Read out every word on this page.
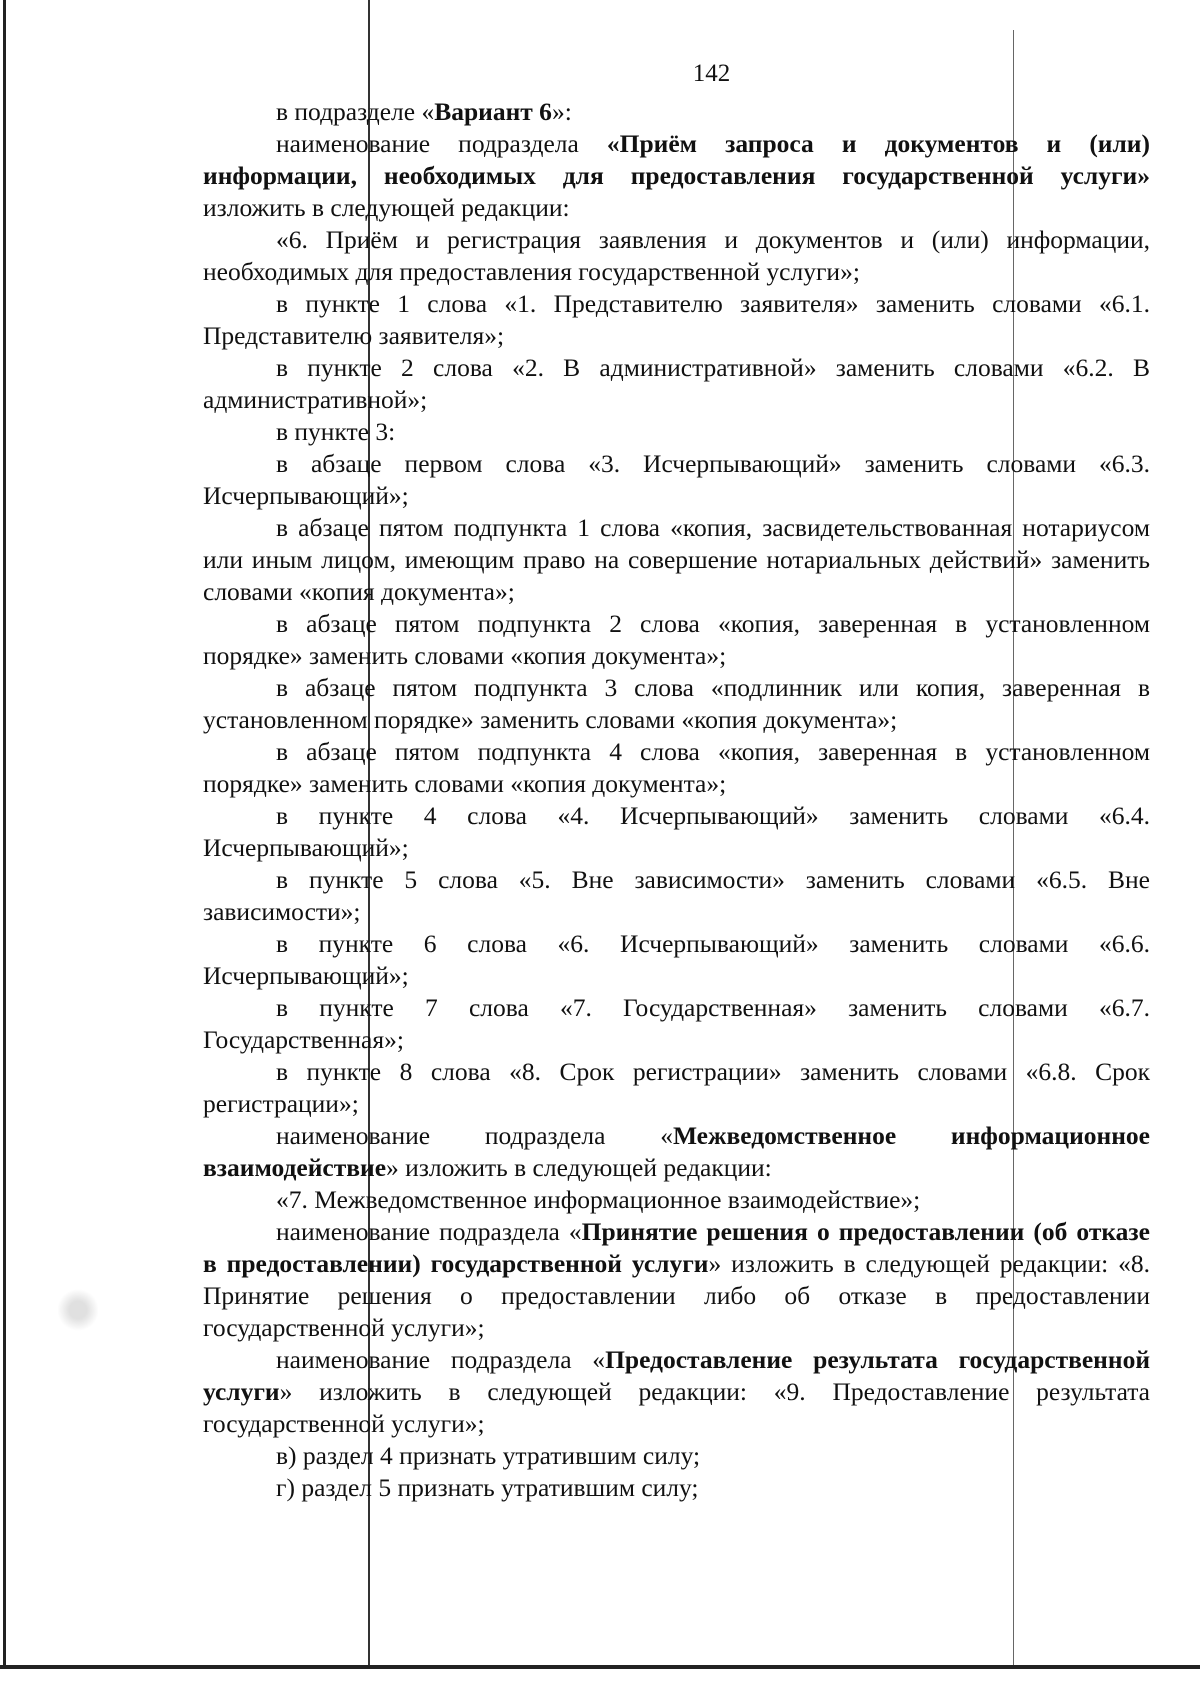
142

в подразделе «Вариант 6»:

наименование подраздела «Приём запроса и документов и (или) информации, необходимых для предоставления государственной услуги» изложить в следующей редакции:

«6. Приём и регистрация заявления и документов и (или) информации, необходимых для предоставления государственной услуги»;

в пункте 1 слова «1. Представителю заявителя» заменить словами «6.1. Представителю заявителя»;

в пункте 2 слова «2. В административной» заменить словами «6.2. В административной»;

в пункте 3:

в абзаце первом слова «3. Исчерпывающий» заменить словами «6.3. Исчерпывающий»;

в абзаце пятом подпункта 1 слова «копия, засвидетельствованная нотариусом или иным лицом, имеющим право на совершение нотариальных действий» заменить словами «копия документа»;

в абзаце пятом подпункта 2 слова «копия, заверенная в установленном порядке» заменить словами «копия документа»;

в абзаце пятом подпункта 3 слова «подлинник или копия, заверенная в установленном порядке» заменить словами «копия документа»;

в абзаце пятом подпункта 4 слова «копия, заверенная в установленном порядке» заменить словами «копия документа»;

в пункте 4 слова «4. Исчерпывающий» заменить словами «6.4. Исчерпывающий»;

в пункте 5 слова «5. Вне зависимости» заменить словами «6.5. Вне зависимости»;

в пункте 6 слова «6. Исчерпывающий» заменить словами «6.6. Исчерпывающий»;

в пункте 7 слова «7. Государственная» заменить словами «6.7. Государственная»;

в пункте 8 слова «8. Срок регистрации» заменить словами «6.8. Срок регистрации»;

наименование подраздела «Межведомственное информационное взаимодействие» изложить в следующей редакции:

«7. Межведомственное информационное взаимодействие»;

наименование подраздела «Принятие решения о предоставлении (об отказе в предоставлении) государственной услуги» изложить в следующей редакции: «8. Принятие решения о предоставлении либо об отказе в предоставлении государственной услуги»;

наименование подраздела «Предоставление результата государственной услуги» изложить в следующей редакции: «9. Предоставление результата государственной услуги»;

в) раздел 4 признать утратившим силу;

г) раздел 5 признать утратившим силу;
